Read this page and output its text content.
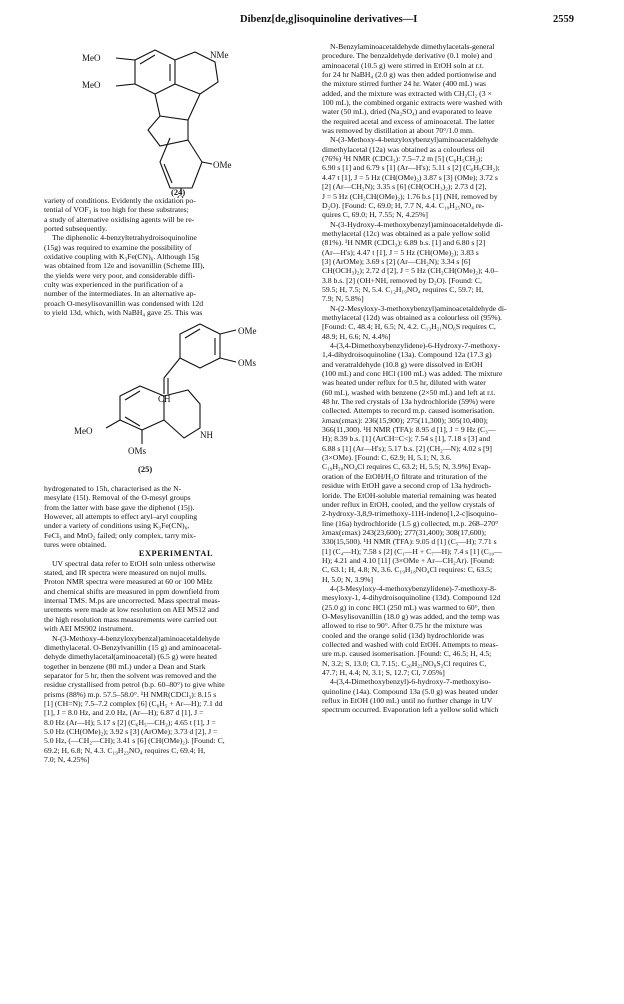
Dibenz[de,g]isoquinoline derivatives—I	2559
MeO
MeO
NMe
OMe
(24)

variety of conditions. Evidently the oxidation po-

tential of VOF₃ is too high for these substrates;

a study of alternative oxidising agents will be re-

ported subsequently.

The diphenolic 4-benzyltetrahydroisoquinoline

(15g) was required to examine the possibility of

oxidative coupling with K₃Fe(CN)₆. Although 15g

was obtained from 12e and isovanillin (Scheme III),

the yields were very poor, and considerable diffi-

culty was experienced in the purification of a

number of the intermediates. In an alternative ap-

proach O-mesylisovanillin was condensed with 12d

to yield 13d, which, with NaBH₄ gave 25. This was

OMe
OMs
CH
MeO	NH
OMs
(25)

hydrogenated to 15h, characterised as the N-

mesylate (15l). Removal of the O-mesyl groups

from the latter with base gave the diphenol (15j).

However, all attempts to effect aryl–aryl coupling

under a variety of conditions using K₃Fe(CN)₆,

FeCl₃ and MnO₂ failed; only complex, tarry mix-

tures were obtained.

EXPERIMENTAL

UV spectral data refer to EtOH soln unless otherwise

stated, and IR spectra were measured on nujol mulls.

Proton NMR spectra were measured at 60 or 100 MHz

and chemical shifts are measured in ppm downfield from

internal TMS. M.ps are uncorrected. Mass spectral meas-

urements were made at low resolution on AEI MS12 and

the high resolution mass measurements were carried out

with AEI MS902 instrument.

N-(3-Methoxy-4-benzyloxybenzal)aminoacetaldehyde

dimethylacetal. O-Benzylvanillin (15 g) and aminoacetal-

dehyde dimethylacetal(aminoacetal) (6.5 g) were heated

together in benzene (80 mL) under a Dean and Stark

separator for 5 hr, then the solvent was removed and the

residue crystallised from petrol (b.p. 60–80°) to give white

prisms (88%) m.p. 57.5–58.0°. ¹H NMR(CDCl₃): 8.15 s

[1] (CH=N); 7.5–7.2 complex [6] (C₆H₅ + Ar—H); 7.1 dd

[1], J = 8.0 Hz, and 2.0 Hz, (Ar—H); 6.87 d [1], J =

8.0 Hz (Ar—H); 5.17 s [2] (C₆H₅—CH₂); 4.65 t [1], J =

5.0 Hz (CH(OMe)₂); 3.92 s [3] (ArOMe); 3.73 d [2], J =

5.0 Hz, (—CH₂—CH); 3.41 s [6] (CH(OMe)₂). [Found: C,

69.2; H, 6.8; N, 4.3. C₁₉H₂₃NO₄ requires C, 69.4; H,

7.0; N, 4.25%]

N-Benzylaminoacetaldehyde dimethylacetals-general

procedure. The benzaldehyde derivative (0.1 mole) and

aminoacetal (10.5 g) were stirred in EtOH soln at r.t.

for 24 hr NaBH₄ (2.0 g) was then added portionwise and

the mixture stirred further 24 hr. Water (400 mL) was

added, and the mixture was extracted with CH₂Cl₂ (3 ×

100 mL), the combined organic extracts were washed with

water (50 mL), dried (Na₂SO₄) and evaporated to leave

the required acetal and excess of aminoacetal. The latter

was removed by distillation at about 70°/1.0 mm.

N-(3-Methoxy-4-benzyloxybenzyl)aminoacetaldehyde

dimethylacetal (12a) was obtained as a colourless oil

(76%) ¹H NMR (CDCl₃): 7.5–7.2 m [5] (C₆H₅CH₂);

6.90 s [1] and 6.79 s [1] (Ar—H's); 5.11 s [2] (C₆H₅CH₂);

4.47 t [1], J = 5 Hz (CH(OMe)₂) 3.87 s [3] (OMe); 3.72 s

[2] (Ar—CH₂N); 3.35 s [6] (CH(OCH₃)₂); 2.73 d [2],

J = 5 Hz (CH₂CH(OMe)₂); 1.76 b.s [1] (NH, removed by

D₂O). [Found: C, 69.0; H, 7.7 N, 4.4. C₁₉H₂₅NO₄ re-

quires C, 69.0; H, 7.55; N, 4.25%]

N-(3-Hydroxy-4-methoxybenzyl)aminoacetaldehyde di-

methylacetal (12c) was obtained as a pale yellow solid

(81%). ¹H NMR (CDCl₃): 6.89 b.s. [1] and 6.80 s [2]

(Ar—H's); 4.47 t [1], J = 5 Hz (CH(OMe)₂); 3.83 s

[3] (ArOMe); 3.69 s [2] (Ar—CH₂N); 3.34 s [6]

CH(OCH₃)₂); 2.72 d [2], J = 5 Hz (CH₂CH(OMe)₂); 4.0–

3.8 b.s. [2] (OH+NH, removed by D₂O). [Found: C,

59.5; H, 7.5; N, 5.4. C₁₂H₁₉NO₄ requires C, 59.7; H,

7.9; N, 5.8%]

N-(2-Mesyloxy-3-methoxybenzyl)aminoacetaldehyde di-

methylacetal (12d) was obtained as a colourless oil (95%).

[Found: C, 48.4; H, 6.5; N, 4.2. C₁₃H₂₁NO₆S requires C,

48.9; H, 6.6; N, 4.4%]

4-(3,4-Dimethoxybenzylidene)-6-Hydroxy-7-methoxy-

1,4-dihydroisoquinoline (13a). Compound 12a (17.3 g)

and veratraldehyde (10.8 g) were dissolved in EtOH

(100 mL) and conc HCl (100 mL) was added. The mixture

was heated under reflux for 0.5 hr, diluted with water

(60 mL), washed with benzene (2×50 mL) and left at r.t.

48 hr. The red crystals of 13a hydrochloride (59%) were

collected. Attempts to record m.p. caused isomerisation.

λmax(εmax): 236(15,900); 275(11,300); 305(10,400);

366(11,300). ¹H NMR (TFA): 8.95 d [1], J = 9 Hz (C₃—

H); 8.39 b.s. [1] (ArCH=C<); 7.54 s [1], 7.18 s [3] and

6.88 s [1] (Ar—H's); 5.17 b.s. [2] (CH₂—N); 4.02 s [9]

(3×OMe). [Found: C, 62.9; H, 5.1; N, 3.6.

C₁₉H₂₀NO₄Cl requires C, 63.2; H, 5.5; N, 3.9%] Evap-

oration of the EtOH/H₂O filtrate and trituration of the

residue with EtOH gave a second crop of 13a hydroch-

loride. The EtOH-soluble material remaining was heated

under reflux in EtOH, cooled, and the yellow crystals of

2-hydroxy-3,8,9-trimethoxy-11H-indeno[1,2-c]isoquino-

line (16a) hydrochloride (1.5 g) collected, m.p. 268–270°

λmax(εmax) 243(23,600); 277(31,400); 308(17,600);

330(15,500). ¹H NMR (TFA): 9.05 d [1] (C₅—H); 7.71 s

[1] (C₄—H); 7.58 s [2] (C₁—H + C₇—H); 7.4 s [1] (C₁₀—

H); 4.21 and 4.10 [11] (3×OMe + Ar—CH₂Ar). [Found:

C, 63.1; H, 4.8; N, 3.6. C₁₉H₁₈NO₄Cl requires: C, 63.5;

H, 5.0; N, 3.9%]

4-(3-Mesyloxy-4-methoxybenzylidene)-7-methoxy-8-

mesyloxy-1, 4-dihydroisoquinoline (13d). Compound 12d

(25.0 g) in conc HCl (250 mL) was warmed to 60°, then

O-Mesylisovanillin (18.0 g) was added, and the temp was

allowed to rise to 90°. After 0.75 hr the mixture was

cooled and the orange solid (13d) hydrochloride was

collected and washed with cold EtOH. Attempts to meas-

ure m.p. caused isomerisation. [Found: C, 46.5; H, 4.5;

N, 3.2; S, 13.0; Cl, 7.15;. C₂₀H₂₂NO₈S₂Cl requires C,

47.7; H, 4.4; N, 3.1; S, 12.7; Cl, 7.05%]

4-(3,4-Dimethoxybenzyl)-6-hydroxy-7-methoxyiso-

quinoline (14a). Compound 13a (5.0 g) was heated under

reflux in EtOH (100 mL) until no further change in UV

spectrum occurred. Evaporation left a yellow solid which
